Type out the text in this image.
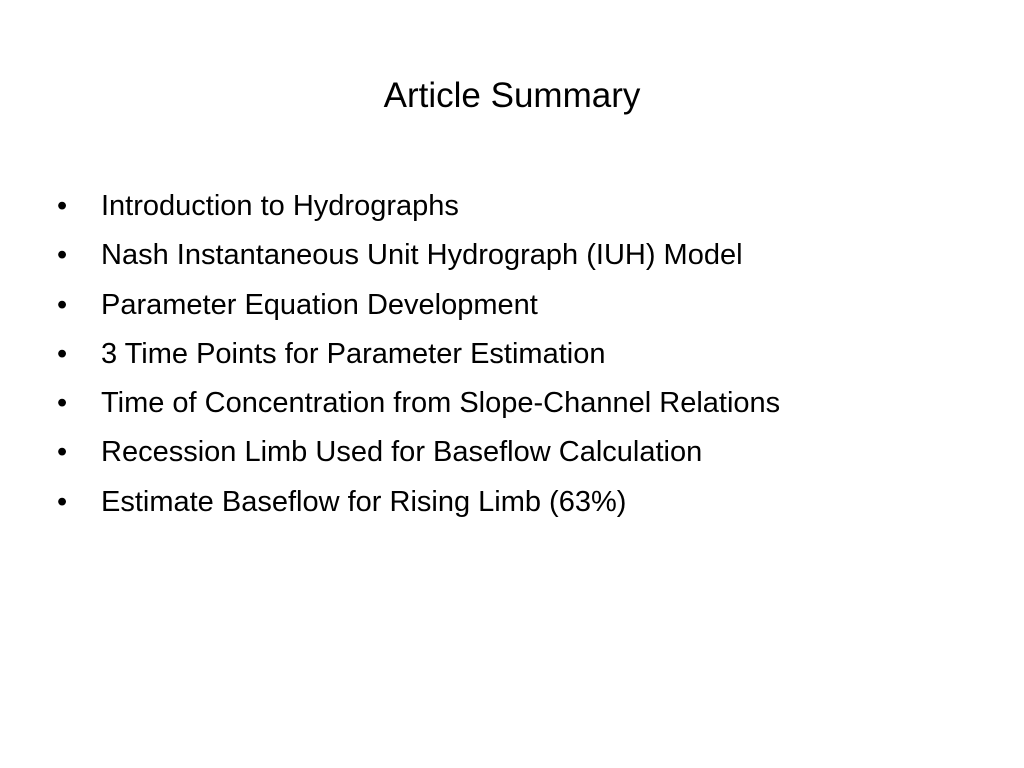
Article Summary
•	Introduction to Hydrographs
•	Nash Instantaneous Unit Hydrograph (IUH) Model
•	Parameter Equation Development
•	3 Time Points for Parameter Estimation
•	Time of Concentration from Slope-Channel Relations
•	Recession Limb Used for Baseflow Calculation
•	Estimate Baseflow for Rising Limb (63%)
